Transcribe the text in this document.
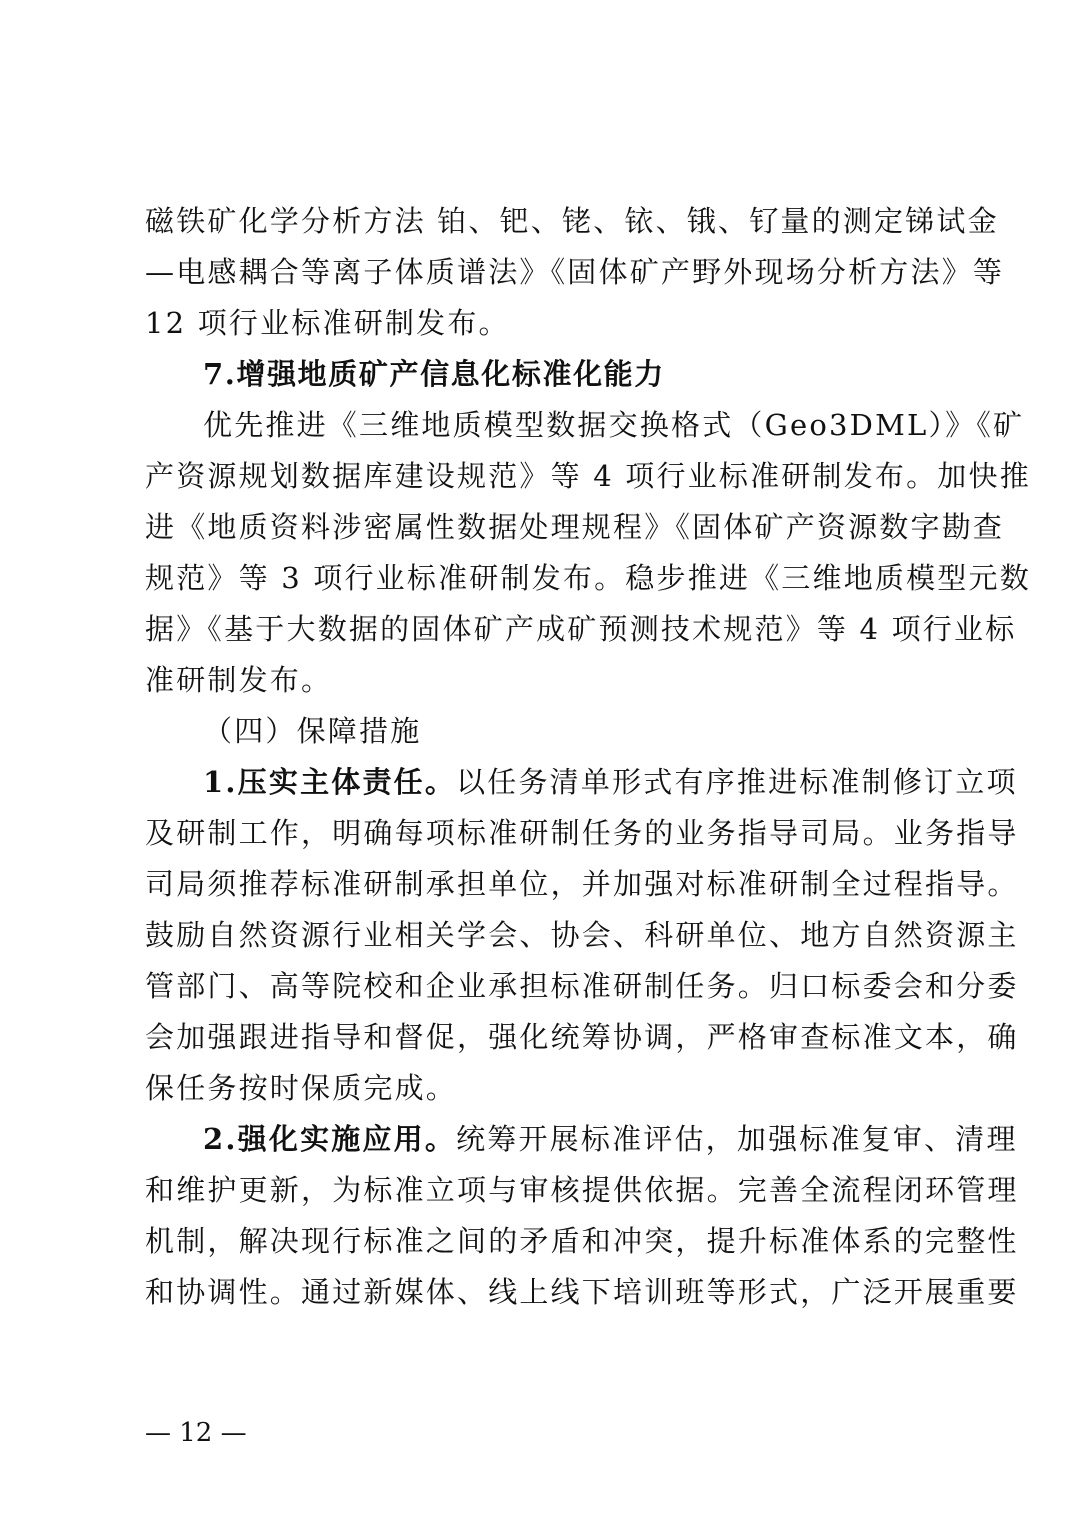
磁铁矿化学分析方法 铂、钯、铑、铱、锇、钌量的测定锑试金
—电感耦合等离子体质谱法》《固体矿产野外现场分析方法》等
12 项行业标准研制发布。
7.增强地质矿产信息化标准化能力
优先推进《三维地质模型数据交换格式（Geo3DML）》《矿
产资源规划数据库建设规范》等 4 项行业标准研制发布。加快推
进《地质资料涉密属性数据处理规程》《固体矿产资源数字勘查
规范》等 3 项行业标准研制发布。稳步推进《三维地质模型元数
据》《基于大数据的固体矿产成矿预测技术规范》等 4 项行业标
准研制发布。
（四）保障措施
1.压实主体责任。以任务清单形式有序推进标准制修订立项
及研制工作，明确每项标准研制任务的业务指导司局。业务指导
司局须推荐标准研制承担单位，并加强对标准研制全过程指导。
鼓励自然资源行业相关学会、协会、科研单位、地方自然资源主
管部门、高等院校和企业承担标准研制任务。归口标委会和分委
会加强跟进指导和督促，强化统筹协调，严格审查标准文本，确
保任务按时保质完成。
2.强化实施应用。统筹开展标准评估，加强标准复审、清理
和维护更新，为标准立项与审核提供依据。完善全流程闭环管理
机制，解决现行标准之间的矛盾和冲突，提升标准体系的完整性
和协调性。通过新媒体、线上线下培训班等形式，广泛开展重要
— 12 —
